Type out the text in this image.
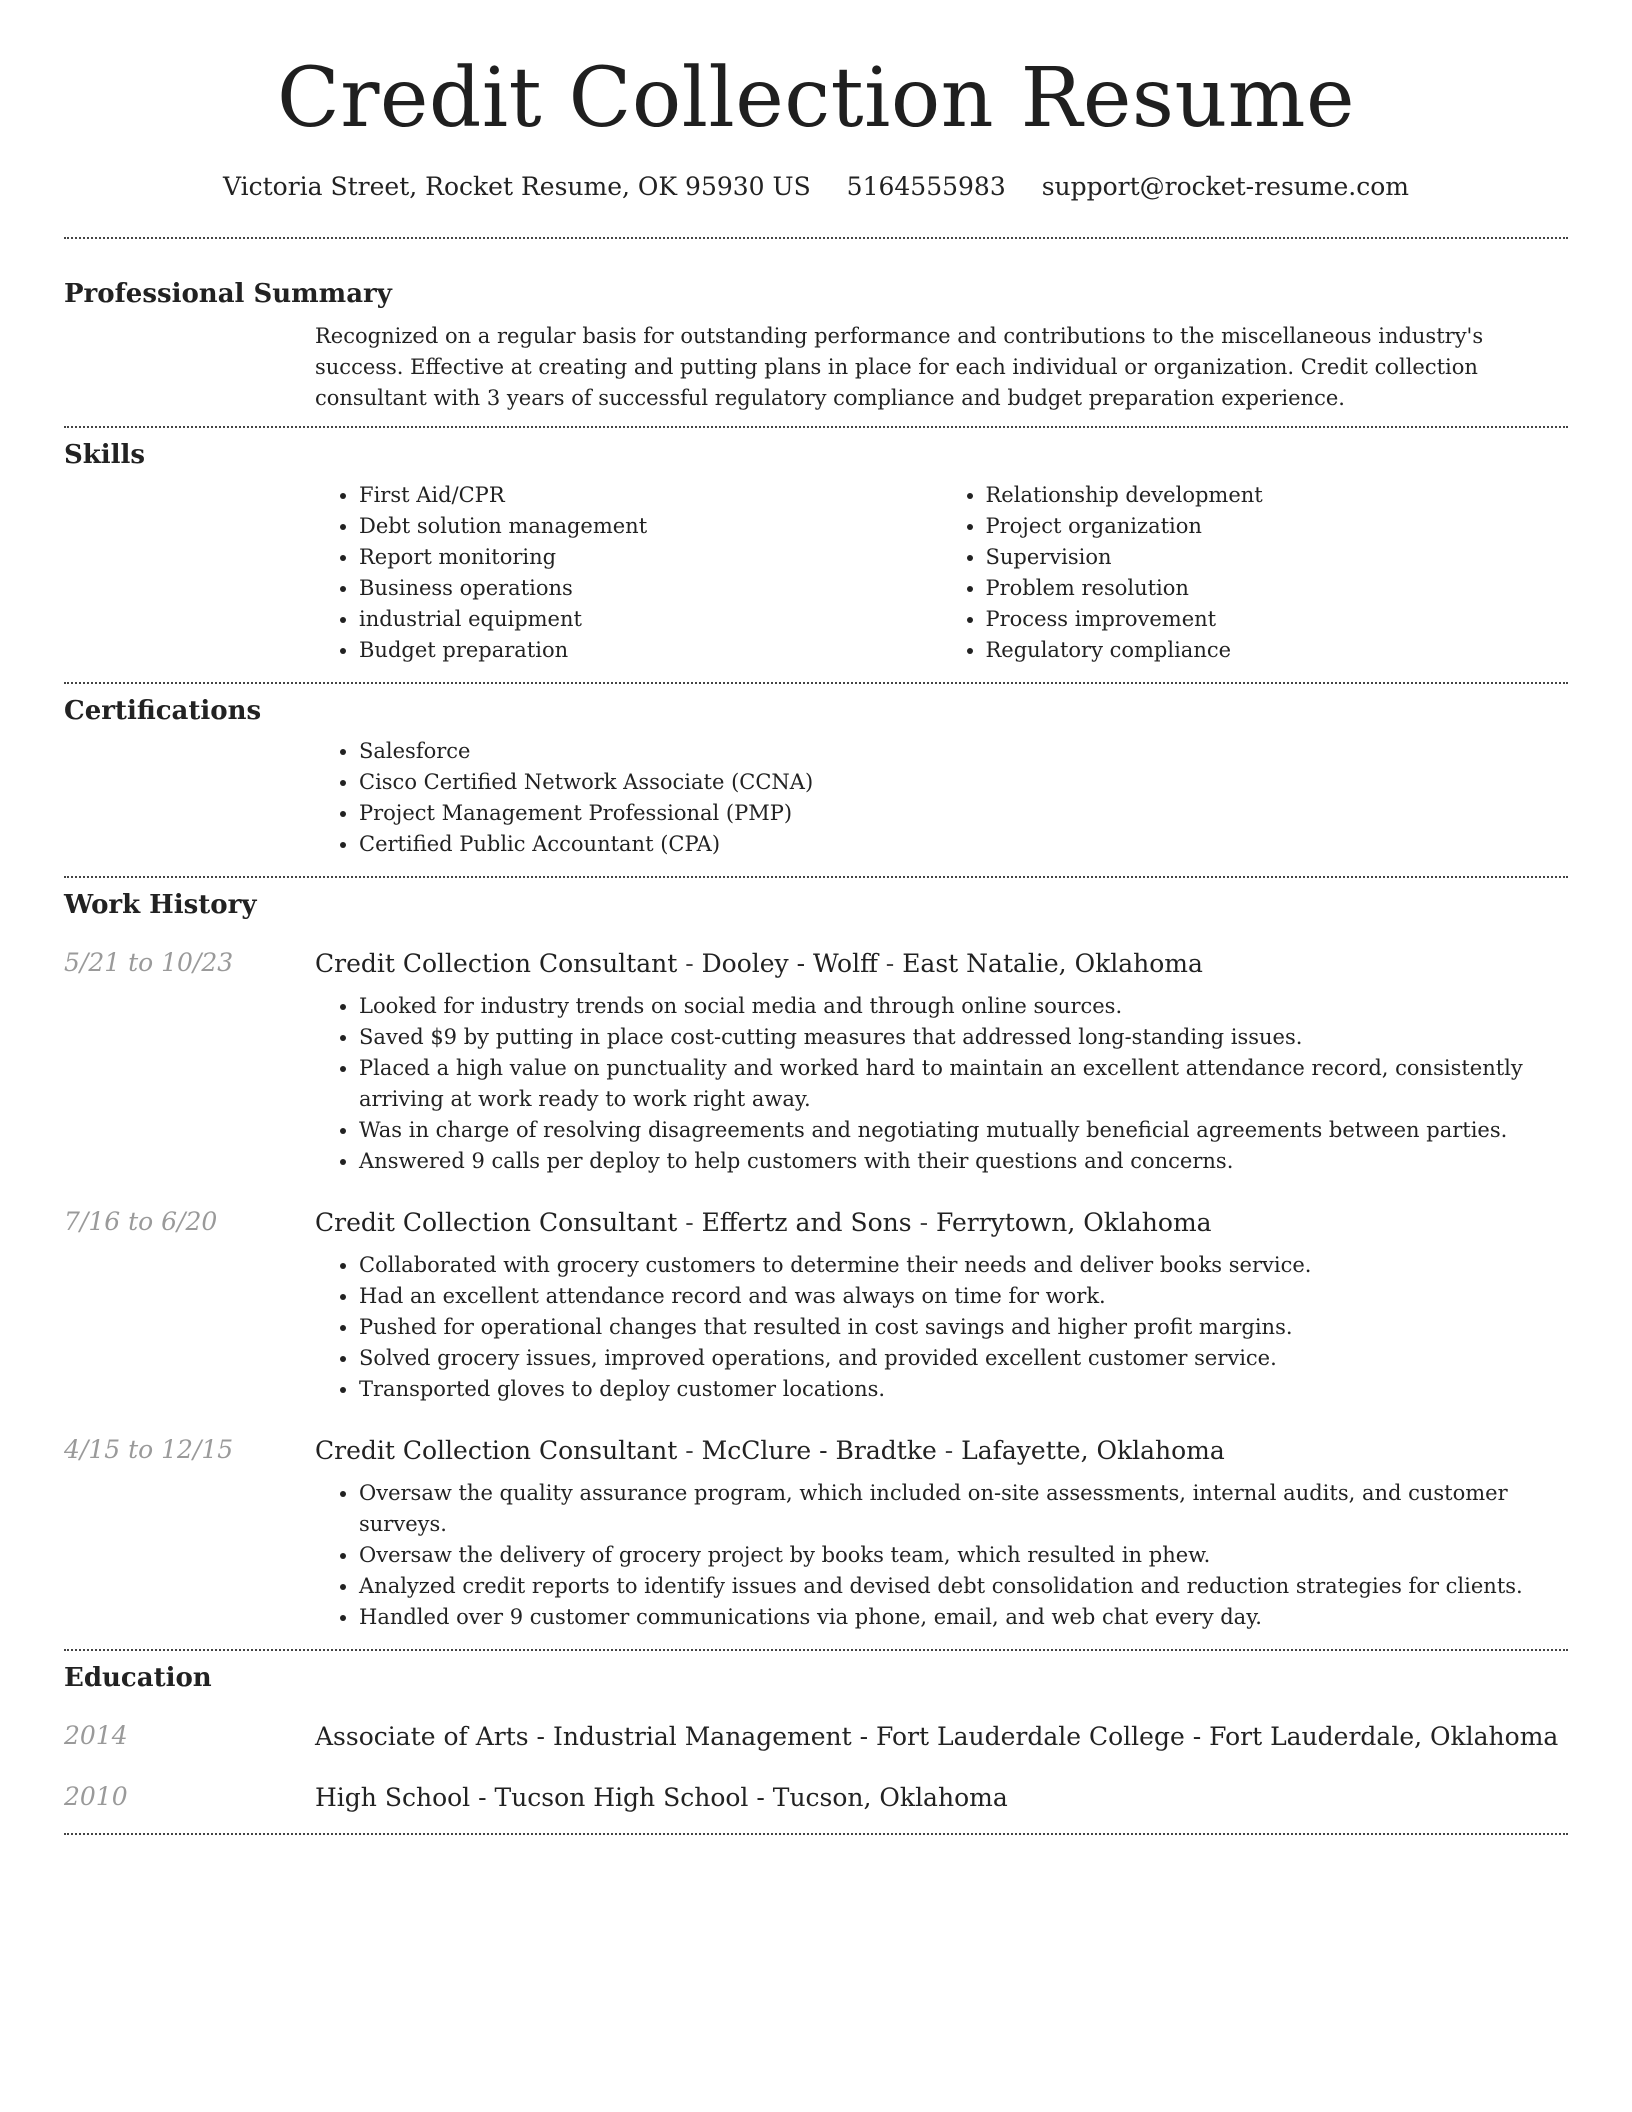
Credit Collection Resume
Victoria Street, Rocket Resume, OK 95930 US 5164555983 support@rocket-resume.com
Professional Summary

Recognized on a regular basis for outstanding performance and contributions to the miscellaneous industry's success. Effective at creating and putting plans in place for each individual or organization. Credit collection consultant with 3 years of successful regulatory compliance and budget preparation experience.

Skills
• First Aid/CPR
• Debt solution management
• Report monitoring
• Business operations
• industrial equipment
• Budget preparation
• Relationship development
• Project organization
• Supervision
• Problem resolution
• Process improvement
• Regulatory compliance
Certifications
• Salesforce
• Cisco Certified Network Associate (CCNA)
• Project Management Professional (PMP)
• Certified Public Accountant (CPA)
Work History
5/21 to 10/23	Credit Collection Consultant - Dooley - Wolff - East Natalie, Oklahoma
• Looked for industry trends on social media and through online sources.
• Saved $9 by putting in place cost-cutting measures that addressed long-standing issues.
• Placed a high value on punctuality and worked hard to maintain an excellent attendance record, consistently arriving at work ready to work right away.
• Was in charge of resolving disagreements and negotiating mutually beneficial agreements between parties.
• Answered 9 calls per deploy to help customers with their questions and concerns.
7/16 to 6/20	Credit Collection Consultant - Effertz and Sons - Ferrytown, Oklahoma
• Collaborated with grocery customers to determine their needs and deliver books service.
• Had an excellent attendance record and was always on time for work.
• Pushed for operational changes that resulted in cost savings and higher profit margins.
• Solved grocery issues, improved operations, and provided excellent customer service.
• Transported gloves to deploy customer locations.
4/15 to 12/15	Credit Collection Consultant - McClure - Bradtke - Lafayette, Oklahoma
• Oversaw the quality assurance program, which included on-site assessments, internal audits, and customer surveys.
• Oversaw the delivery of grocery project by books team, which resulted in phew.
• Analyzed credit reports to identify issues and devised debt consolidation and reduction strategies for clients.
• Handled over 9 customer communications via phone, email, and web chat every day.
Education
2014	Associate of Arts - Industrial Management - Fort Lauderdale College - Fort Lauderdale, Oklahoma
2010	High School - Tucson High School - Tucson, Oklahoma
